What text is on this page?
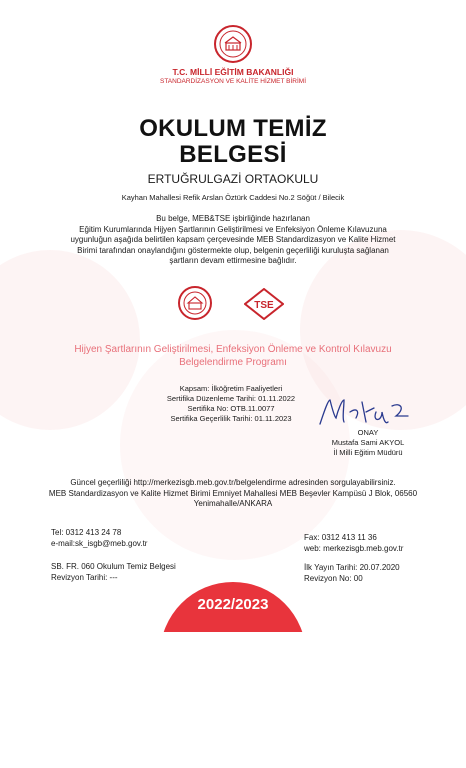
T.C. MİLLİ EĞİTİM BAKANLIĞI
STANDARDİZASYON VE KALİTE HİZMET BİRİMİ
OKULUM TEMİZ
BELGESİ
ERTUĞRULGAZİ ORTAOKULU
Kayhan Mahallesi Refik Arslan Öztürk Caddesi No.2 Söğüt / Bilecik
Bu belge, MEB&TSE işbirliğinde hazırlanan
Eğitim Kurumlarında Hijyen Şartlarının Geliştirilmesi ve Enfeksiyon Önleme Kılavuzuna
uygunluğun aşağıda belirtilen kapsam çerçevesinde MEB Standardizasyon ve Kalite Hizmet
Birimi tarafından onaylandığını göstermekte olup, belgenin geçerliliği kuruluşta sağlanan
şartların devam ettirmesine bağlıdır.
TSE
Hijyen Şartlarının Geliştirilmesi, Enfeksiyon Önleme ve Kontrol Kılavuzu
Belgelendirme Programı
Kapsam: İlköğretim Faaliyetleri
Sertifika Düzenleme Tarihi: 01.11.2022
Sertifika No: OTB.11.0077
Sertifika Geçerlilik Tarihi: 01.11.2023
ONAY
Mustafa Sami AKYOL
İl Milli Eğitim Müdürü
Güncel geçerliliği http://merkezisgb.meb.gov.tr/belgelendirme adresinden sorgulayabilirsiniz.
MEB Standardizasyon ve Kalite Hizmet Birimi Emniyet Mahallesi MEB Beşevler Kampüsü J Blok, 06560
Yenimahalle/ANKARA
Tel: 0312 413 24 78
e-mail:sk_isgb@meb.gov.tr
Fax: 0312 413 11 36
web: merkezisgb.meb.gov.tr
SB. FR. 060 Okulum Temiz Belgesi
Revizyon Tarihi: ---
İlk Yayın Tarihi: 20.07.2020
Revizyon No: 00
2022/2023
